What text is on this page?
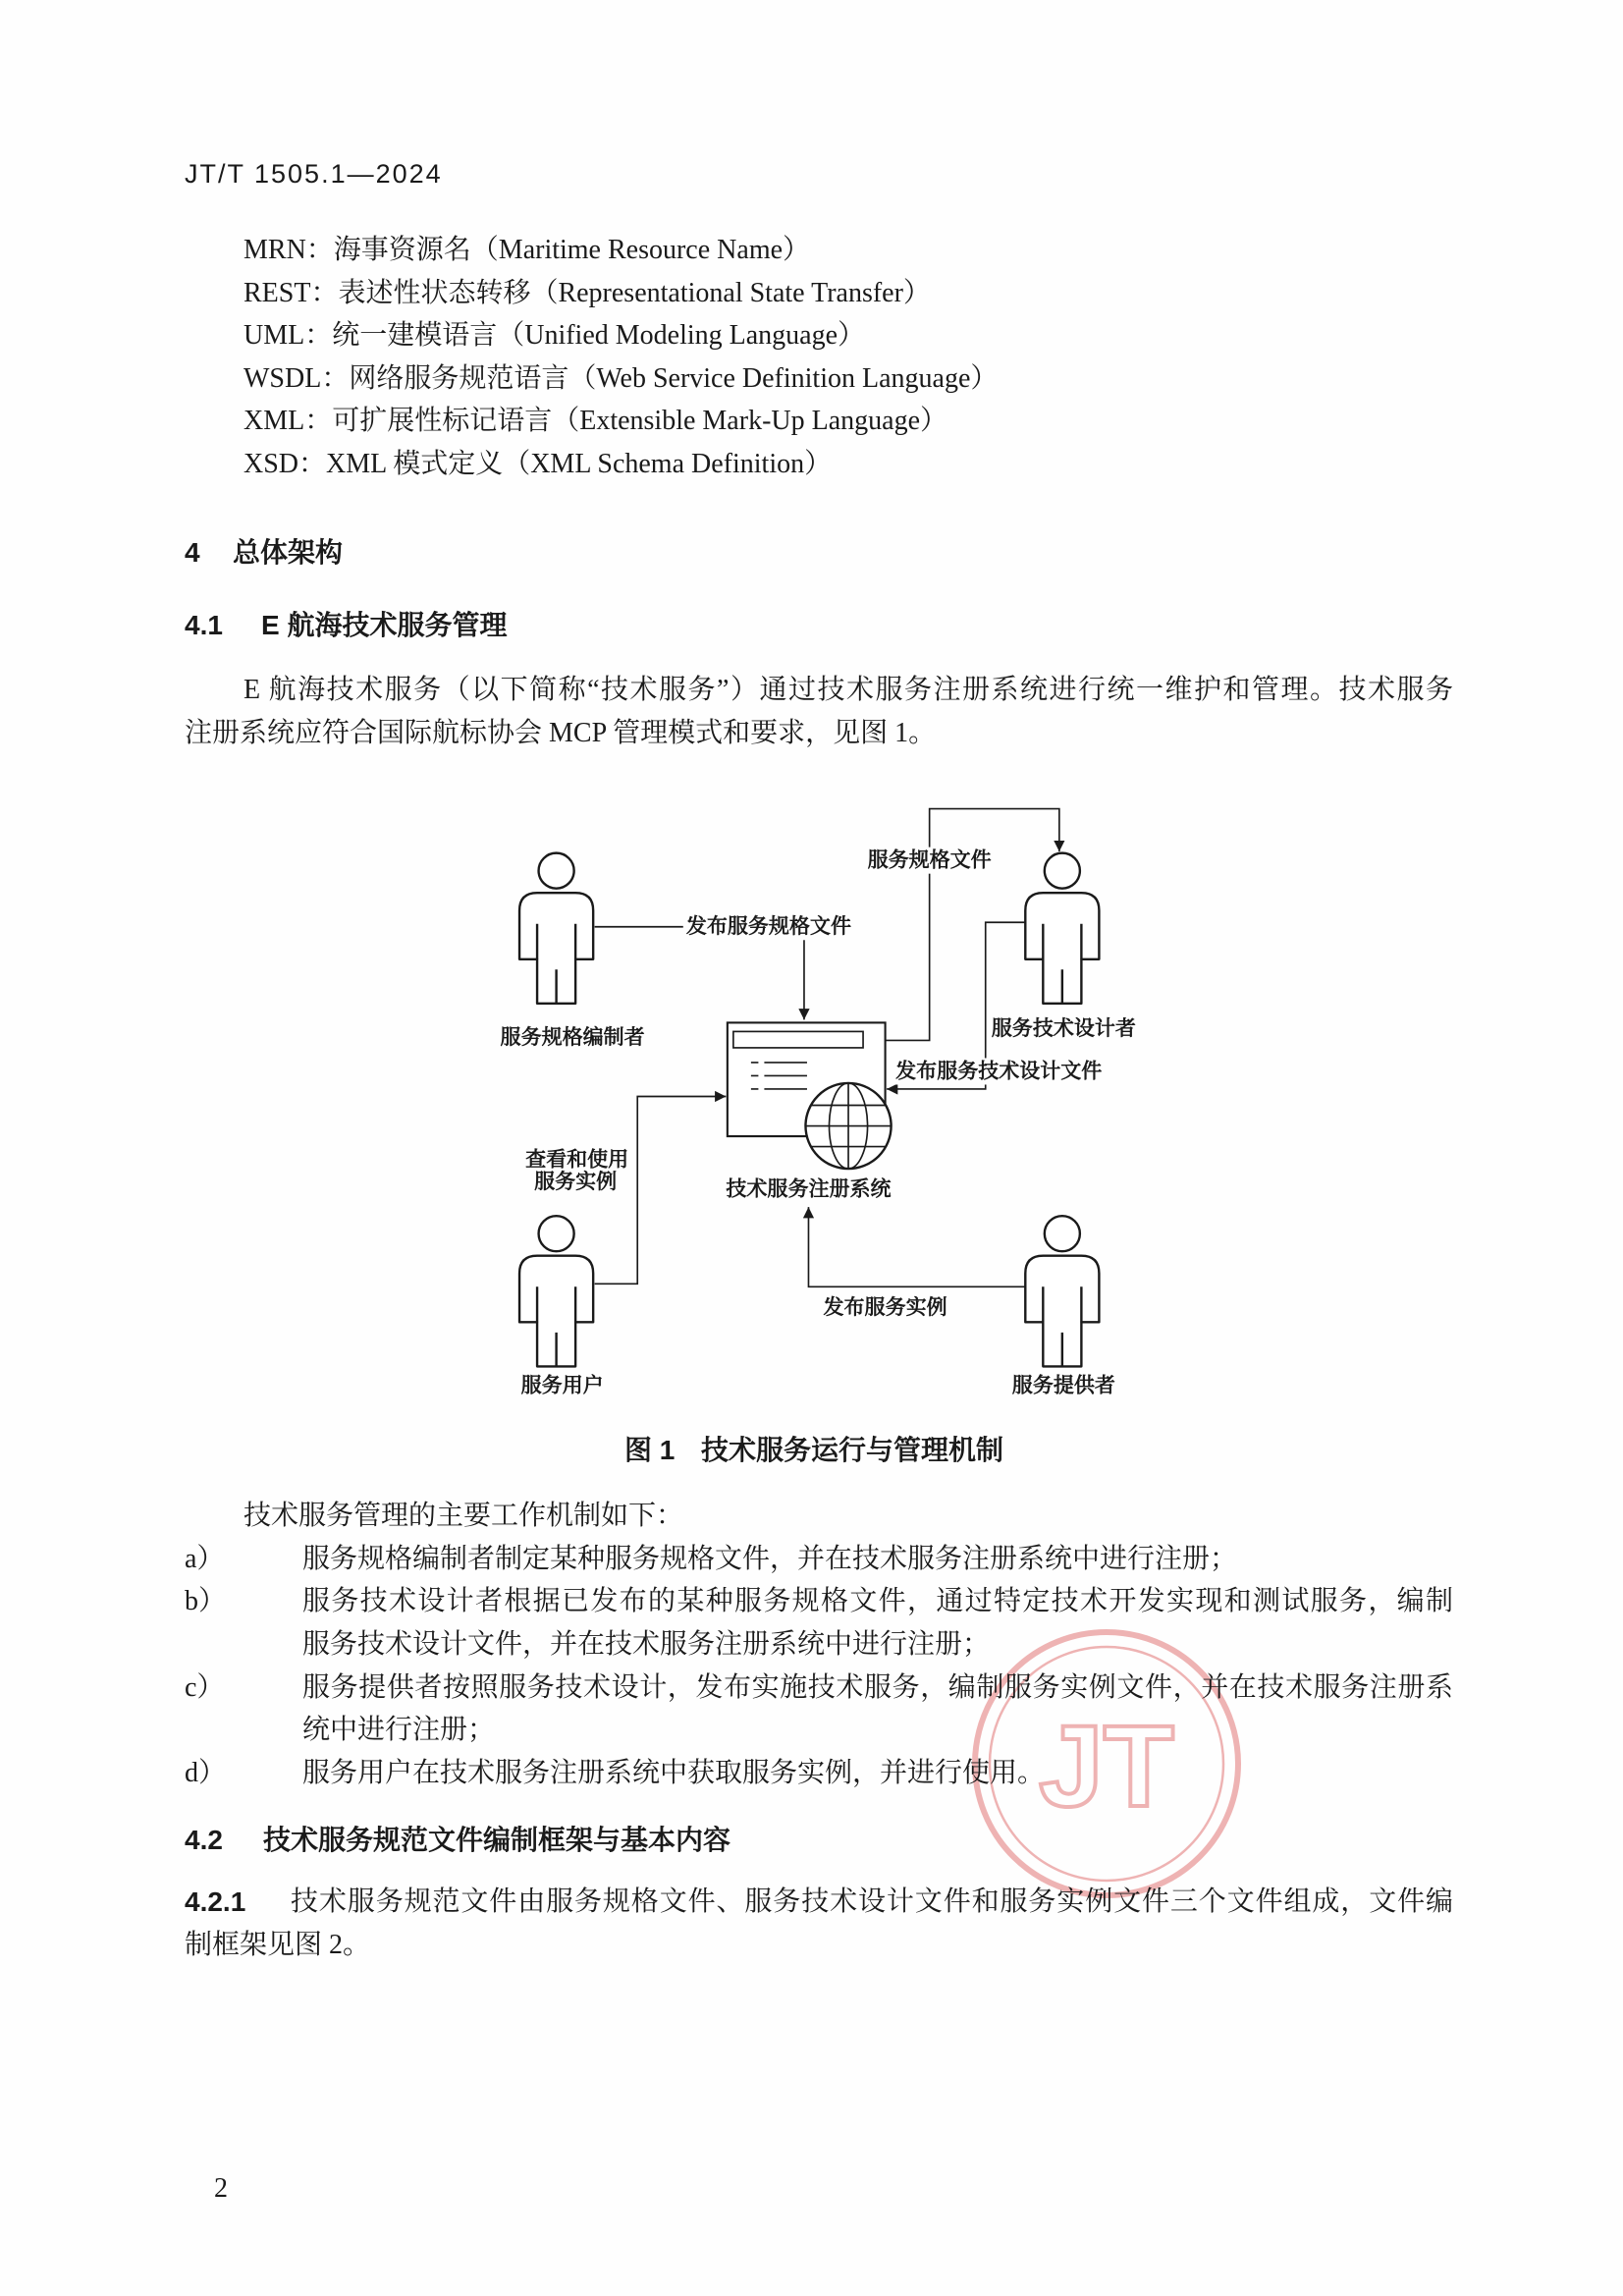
JT
JT/T 1505.1—2024
MRN：海事资源名（Maritime Resource Name）
REST：表述性状态转移（Representational State Transfer）
UML：统一建模语言（Unified Modeling Language）
WSDL：网络服务规范语言（Web Service Definition Language）
XML：可扩展性标记语言（Extensible Mark-Up Language）
XSD：XML 模式定义（XML Schema Definition）
4 总体架构
4.1 E 航海技术服务管理
E 航海技术服务（以下简称“技术服务”）通过技术服务注册系统进行统一维护和管理。技术服务
注册系统应符合国际航标协会 MCP 管理模式和要求，见图 1。
服务规格编制者	服务技术设计者
服务用户	服务提供者
技术服务注册系统
发布服务规格文件
服务规格文件
发布服务技术设计文件
查看和使用
服务实例
发布服务实例
图 1 技术服务运行与管理机制
技术服务管理的主要工作机制如下：
a）	服务规格编制者制定某种服务规格文件，并在技术服务注册系统中进行注册；
b）	服务技术设计者根据已发布的某种服务规格文件，通过特定技术开发实现和测试服务，编制
服务技术设计文件，并在技术服务注册系统中进行注册；
c）	服务提供者按照服务技术设计，发布实施技术服务，编制服务实例文件，并在技术服务注册系
统中进行注册；
d）	服务用户在技术服务注册系统中获取服务实例，并进行使用。
4.2 技术服务规范文件编制框架与基本内容
4.2.1 技术服务规范文件由服务规格文件、服务技术设计文件和服务实例文件三个文件组成，文件编
制框架见图 2。
2
